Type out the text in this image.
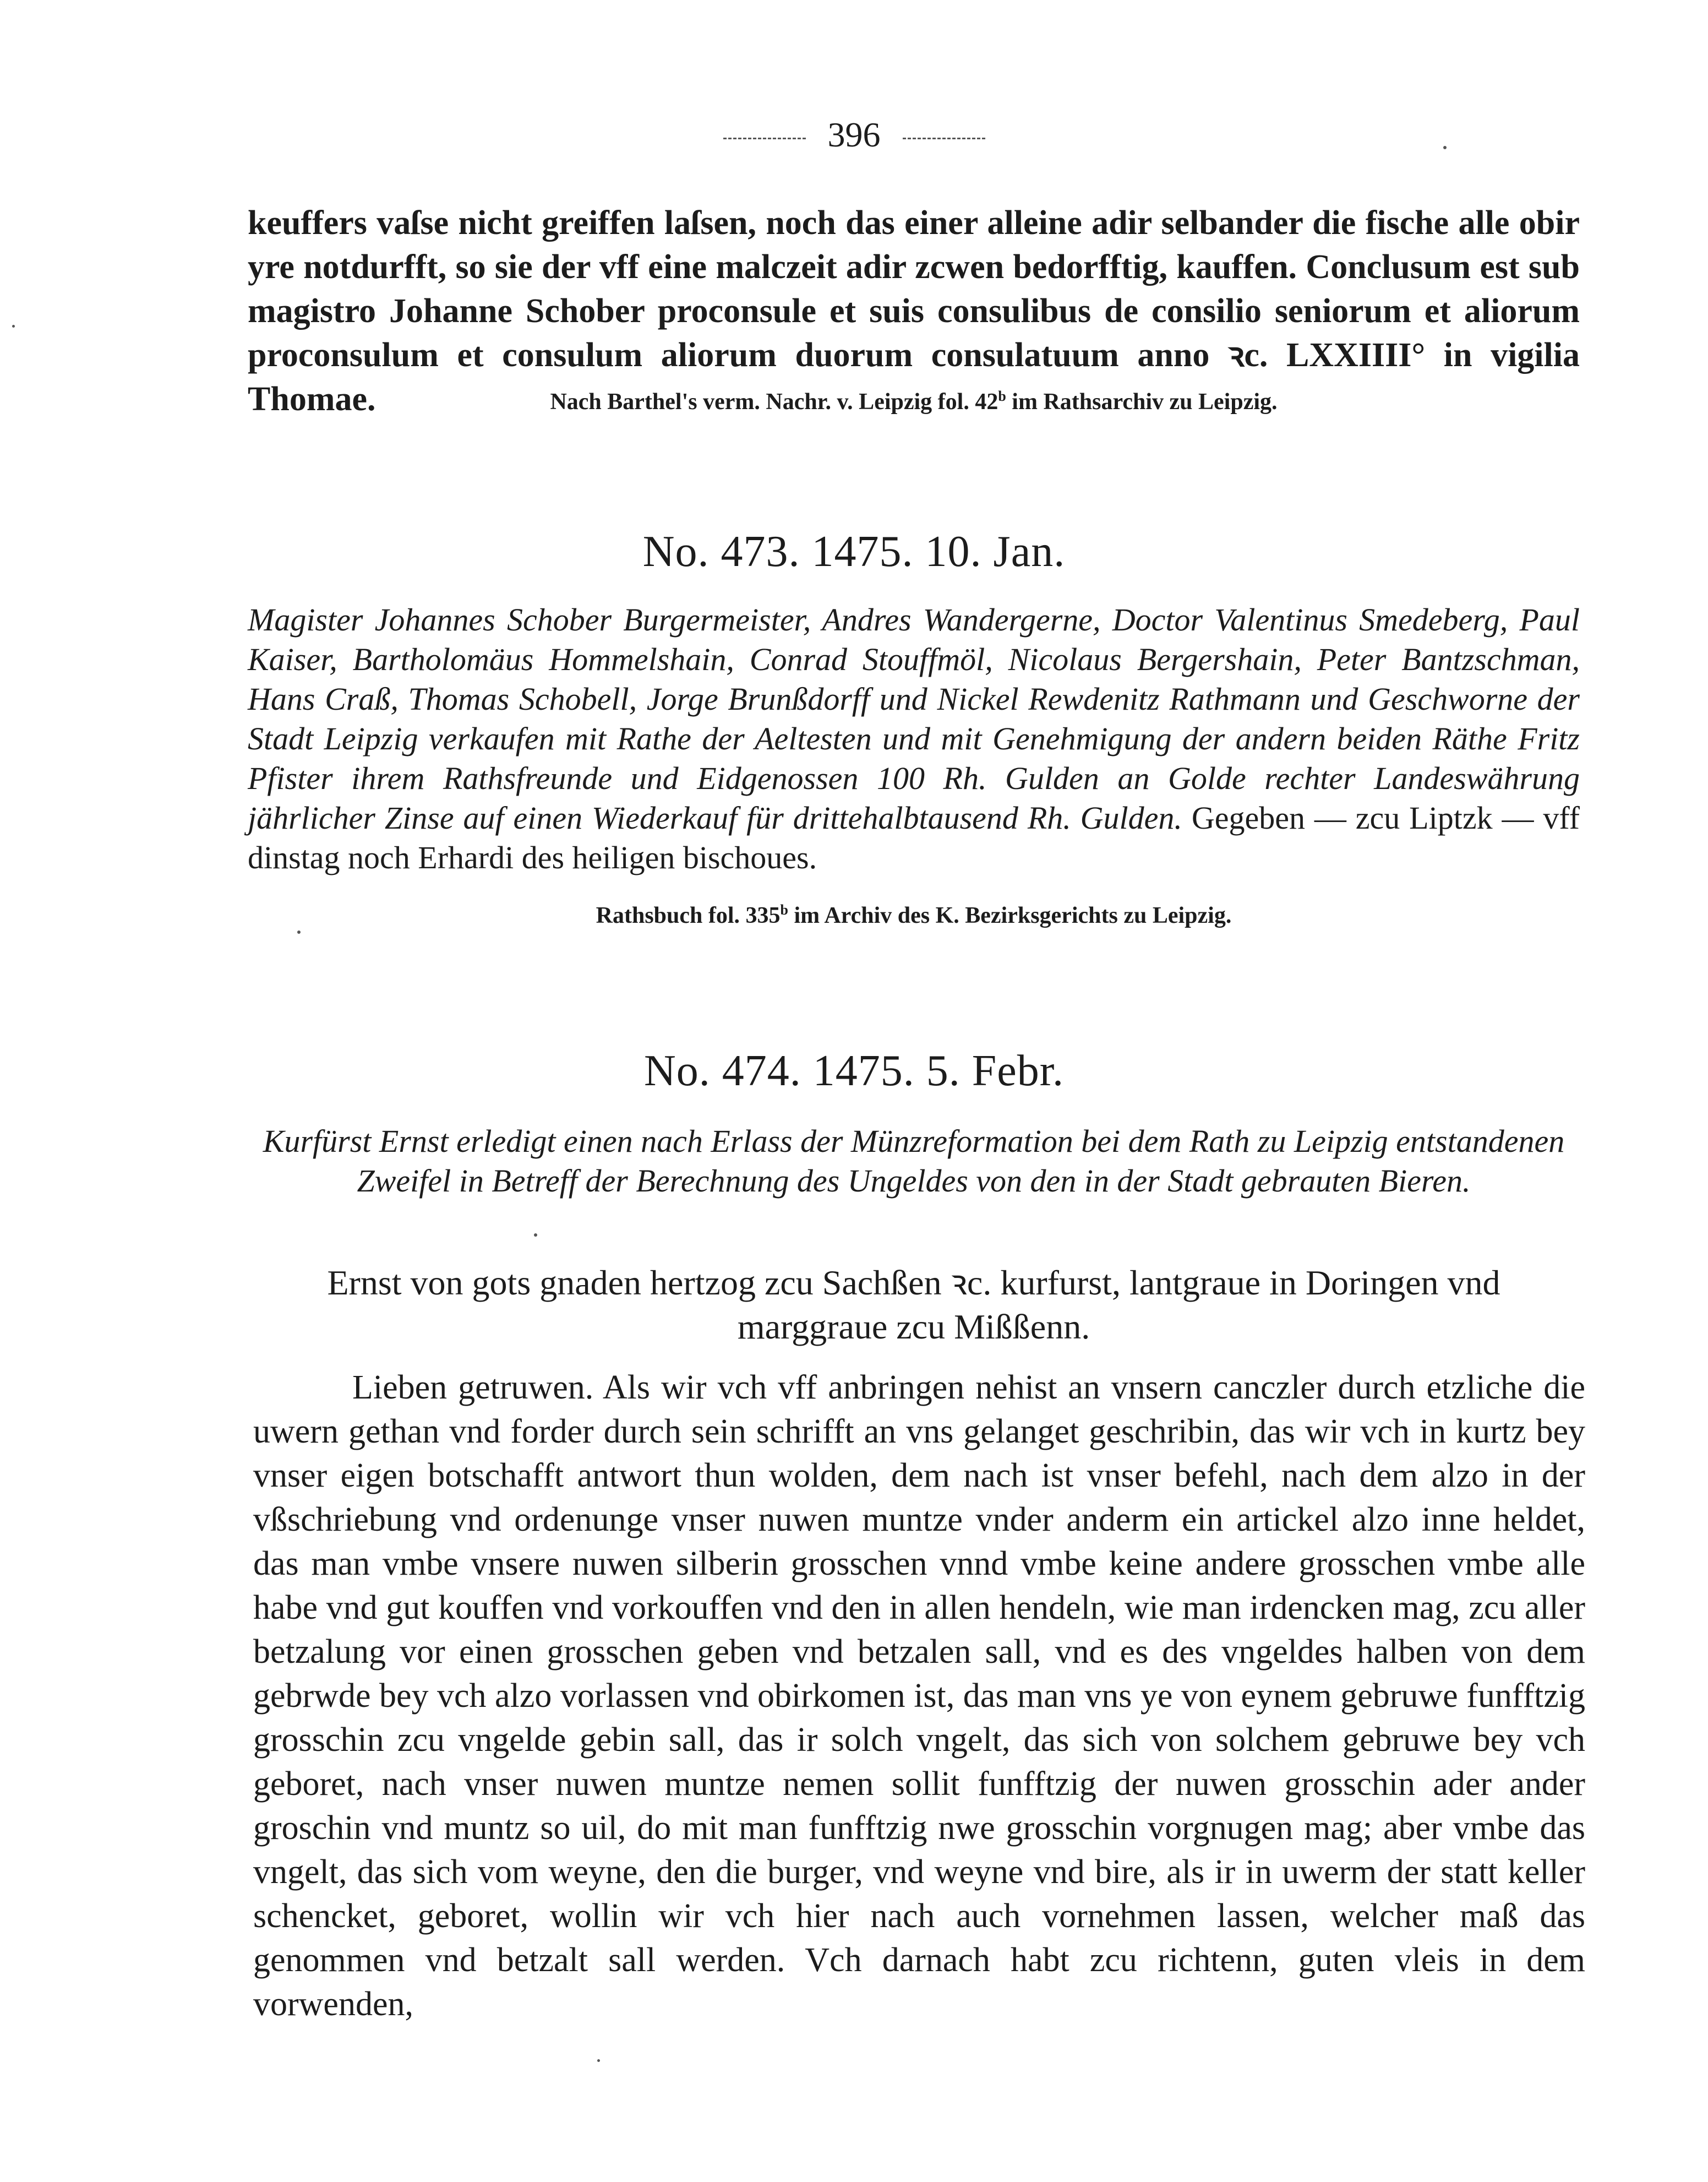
396
keuffers vaſse nicht greiffen laſsen, noch das einer alleine adir selbander die fische alle obir yre notdurfft, so sie der vff eine malczeit adir zcwen bedorfftig, kauffen. Conclusum est sub magistro Johanne Schober proconsule et suis consulibus de consilio seniorum et aliorum proconsulum et consulum aliorum duorum consulatuum anno ꝛc. LXXIIII° in vigilia Thomae.	Nach Barthel's verm. Nachr. v. Leipzig fol. 42$^b$ im Rathsarchiv zu Leipzig.
No. 473. 1475. 10. Jan.
Magister Johannes Schober Burgermeister, Andres Wandergerne, Doctor Valentinus Smedeberg, Paul Kaiser, Bartholomäus Hommelshain, Conrad Stouffmöl, Nicolaus Bergershain, Peter Bantzschman, Hans Craß, Thomas Schobell, Jorge Brunßdorff und Nickel Rewdenitz Rathmann und Geschworne der Stadt Leipzig verkaufen mit Rathe der Aeltesten und mit Genehmigung der andern beiden Räthe Fritz Pfister ihrem Rathsfreunde und Eidgenossen 100 Rh. Gulden an Golde rechter Landeswährung jährlicher Zinse auf einen Wiederkauf für drittehalbtausend Rh. Gulden. Gegeben — zcu Liptzk — vff dinstag noch Erhardi des heiligen bischoues.
Rathsbuch fol. 335$^b$ im Archiv des K. Bezirksgerichts zu Leipzig.
No. 474. 1475. 5. Febr.
Kurfürst Ernst erledigt einen nach Erlass der Münzreformation bei dem Rath zu Leipzig entstandenen Zweifel in Betreff der Berechnung des Ungeldes von den in der Stadt gebrauten Bieren.
Ernst von gots gnaden hertzog zcu Sachßen ꝛc. kurfurst, lantgraue in Doringen vnd marggraue zcu Mißßenn.
Lieben getruwen. Als wir vch vff anbringen nehist an vnsern canczler durch etzliche die uwern gethan vnd forder durch sein schrifft an vns gelanget geschribin, das wir vch in kurtz bey vnser eigen botschafft antwort thun wolden, dem nach ist vnser befehl, nach dem alzo in der vßschriebung vnd ordenunge vnser nuwen muntze vnder anderm ein artickel alzo inne heldet, das man vmbe vnsere nuwen silberin grosschen vnnd vmbe keine andere grosschen vmbe alle habe vnd gut kouffen vnd vorkouffen vnd den in allen hendeln, wie man irdencken mag, zcu aller betzalung vor einen grosschen geben vnd betzalen sall, vnd es des vngeldes halben von dem gebrwde bey vch alzo vorlassen vnd obirkomen ist, das man vns ye von eynem gebruwe funfftzig grosschin zcu vngelde gebin sall, das ir solch vngelt, das sich von solchem gebruwe bey vch geboret, nach vnser nuwen muntze nemen sollit funfftzig der nuwen grosschin ader ander groschin vnd muntz so uil, do mit man funfftzig nwe grosschin vorgnugen mag; aber vmbe das vngelt, das sich vom weyne, den die burger, vnd weyne vnd bire, als ir in uwerm der statt keller schencket, geboret, wollin wir vch hier nach auch vornehmen lassen, welcher maß das genommen vnd betzalt sall werden. Vch darnach habt zcu richtenn, guten vleis in dem vorwenden,
